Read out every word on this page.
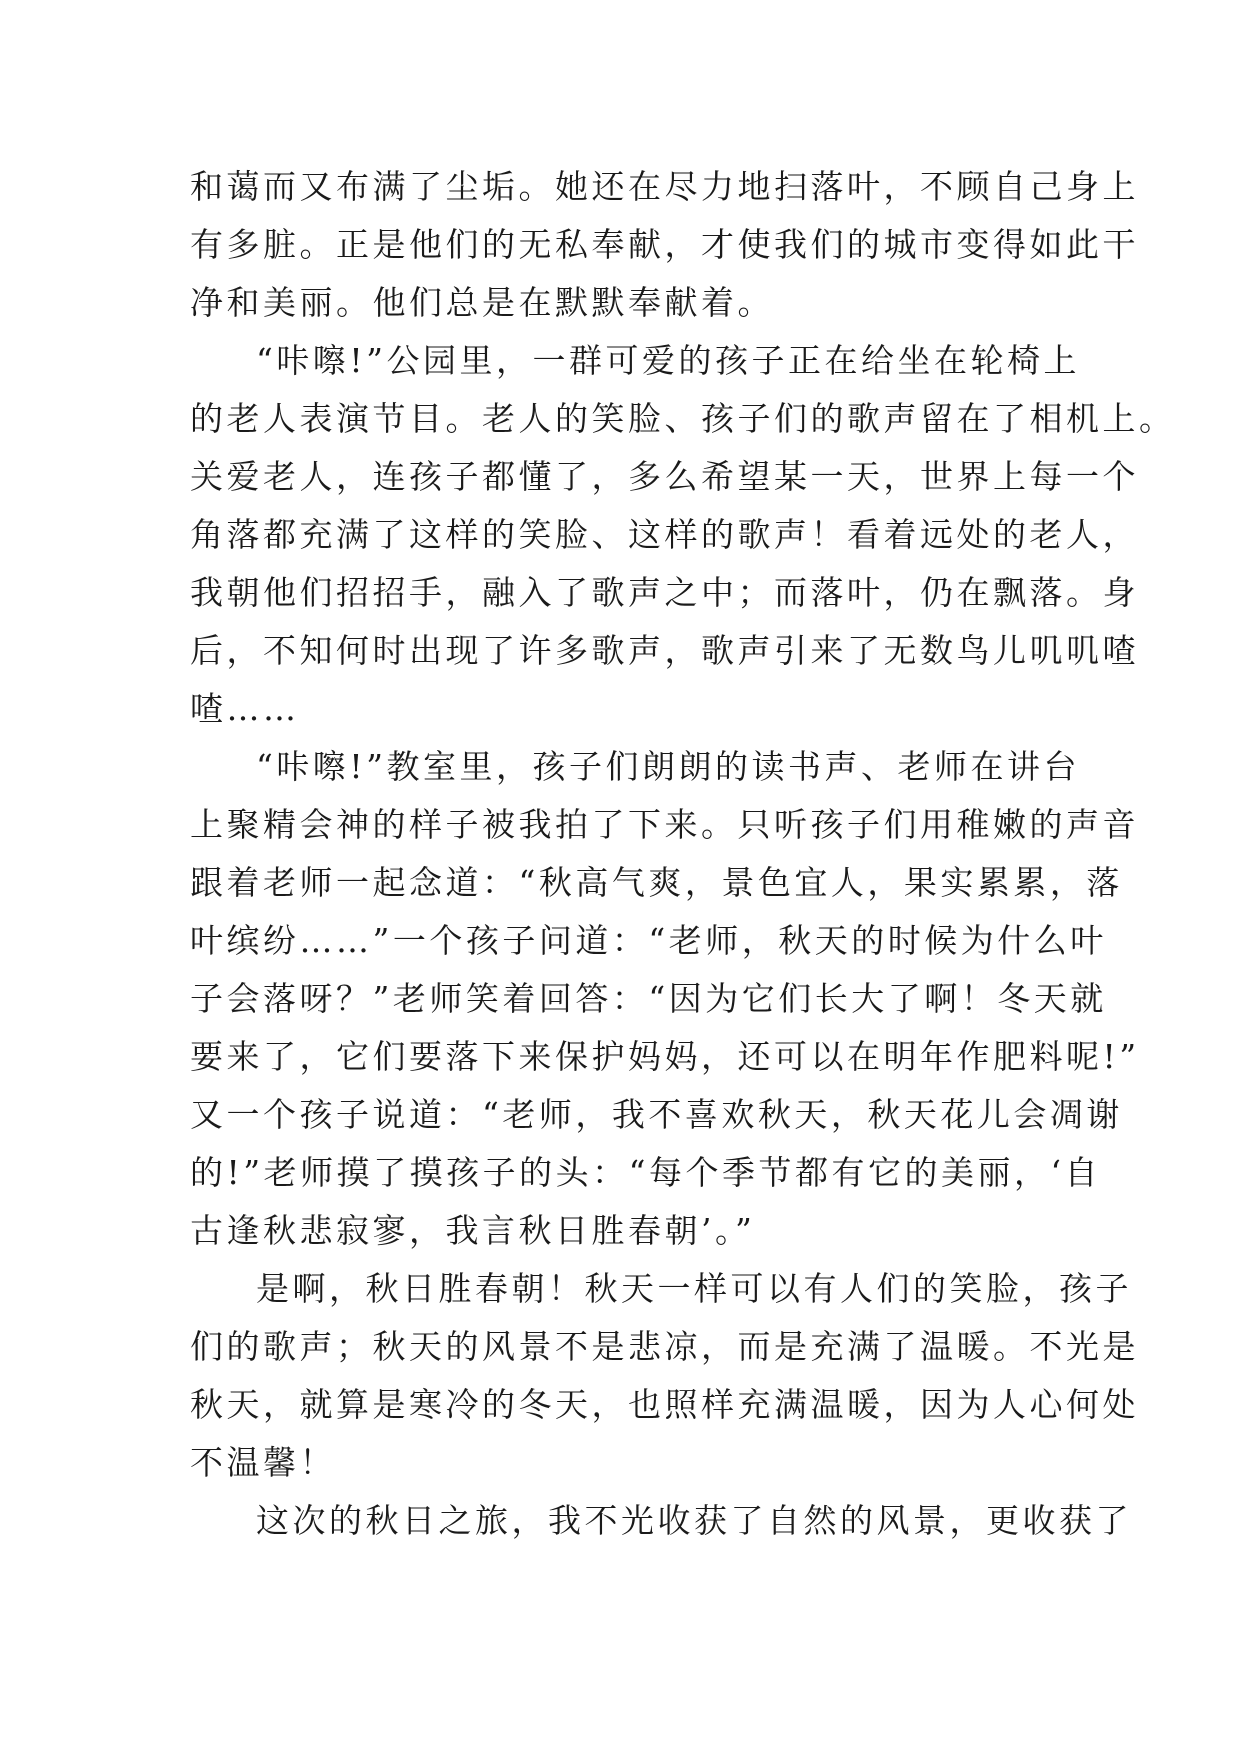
和蔼而又布满了尘垢。她还在尽力地扫落叶，不顾自己身上
有多脏。正是他们的无私奉献，才使我们的城市变得如此干
净和美丽。他们总是在默默奉献着。
“咔嚓!”公园里，一群可爱的孩子正在给坐在轮椅上
的老人表演节目。老人的笑脸、孩子们的歌声留在了相机上。
关爱老人，连孩子都懂了，多么希望某一天，世界上每一个
角落都充满了这样的笑脸、这样的歌声！看着远处的老人，
我朝他们招招手，融入了歌声之中；而落叶，仍在飘落。身
后，不知何时出现了许多歌声，歌声引来了无数鸟儿叽叽喳
喳……
“咔嚓!”教室里，孩子们朗朗的读书声、老师在讲台
上聚精会神的样子被我拍了下来。只听孩子们用稚嫩的声音
跟着老师一起念道：“秋高气爽，景色宜人，果实累累，落
叶缤纷……”一个孩子问道：“老师，秋天的时候为什么叶
子会落呀？”老师笑着回答：“因为它们长大了啊！冬天就
要来了，它们要落下来保护妈妈，还可以在明年作肥料呢!”
又一个孩子说道：“老师，我不喜欢秋天，秋天花儿会凋谢
的!”老师摸了摸孩子的头：“每个季节都有它的美丽，‘自
古逢秋悲寂寥，我言秋日胜春朝’。”
是啊，秋日胜春朝！秋天一样可以有人们的笑脸，孩子
们的歌声；秋天的风景不是悲凉，而是充满了温暖。不光是
秋天，就算是寒冷的冬天，也照样充满温暖，因为人心何处
不温馨！
这次的秋日之旅，我不光收获了自然的风景，更收获了
